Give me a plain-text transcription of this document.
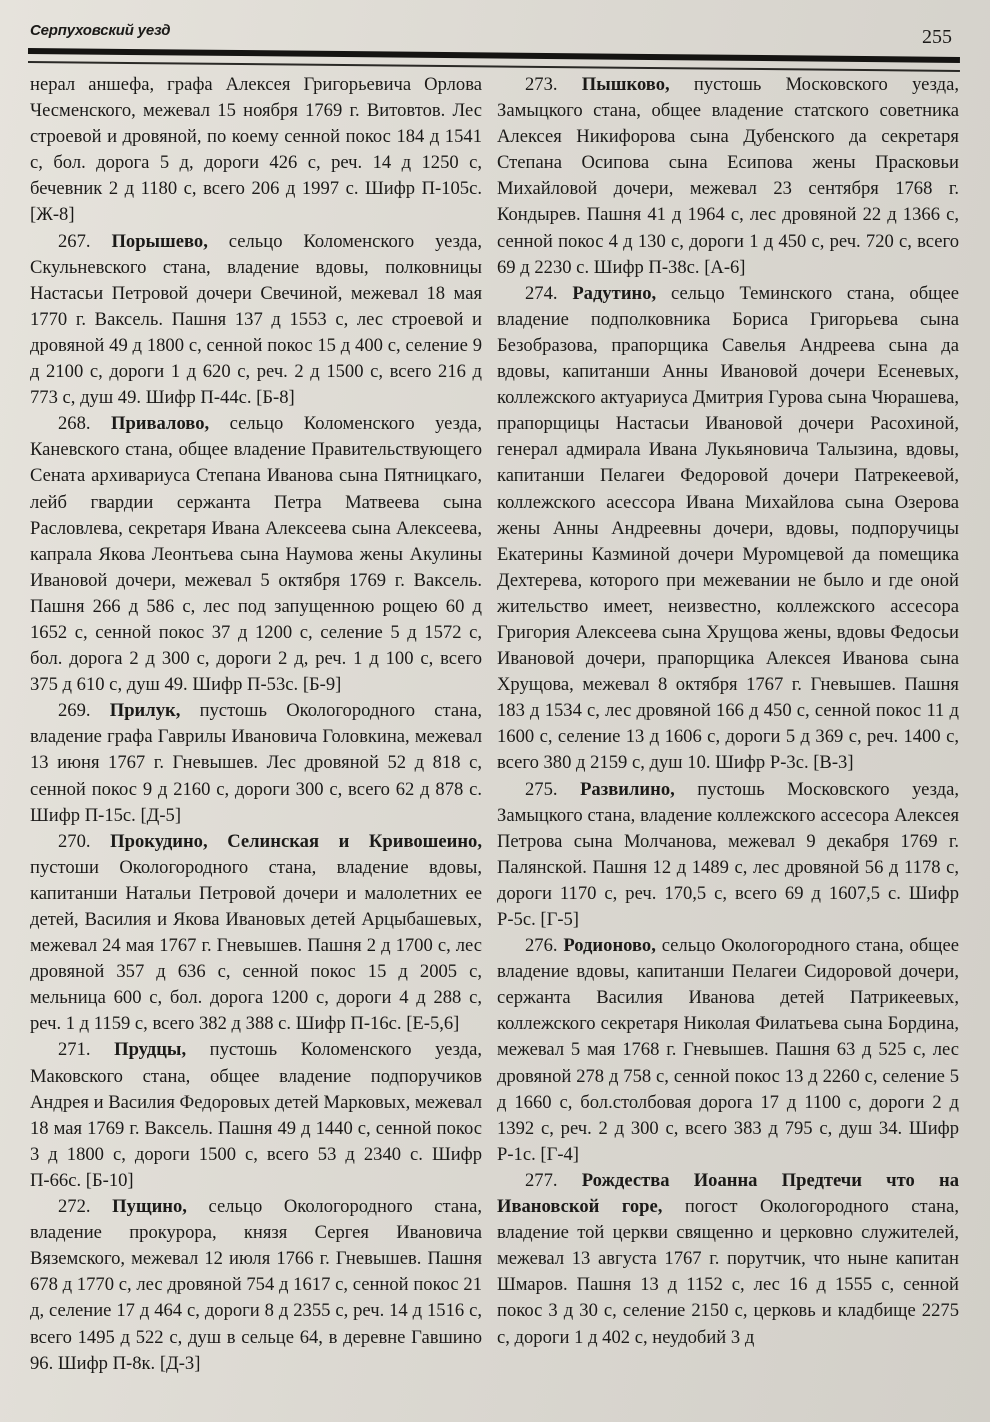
Серпуховский уезд	255

нерал аншефа, графа Алексея Григорьевича Орлова Чесменского, межевал 15 ноября 1769 г. Витовтов. Лес строевой и дровяной, по коему сенной покос 184 д 1541 с, бол. дорога 5 д, дороги 426 с, реч. 14 д 1250 с, бечевник 2 д 1180 с, всего 206 д 1997 с. Шифр П-105с. [Ж-8]

267. Порышево, сельцо Коломенского уезда, Скульневского стана, владение вдовы, полковницы Настасьи Петровой дочери Свечиной, межевал 18 мая 1770 г. Ваксель. Пашня 137 д 1553 с, лес строевой и дровяной 49 д 1800 с, сенной покос 15 д 400 с, селение 9 д 2100 с, дороги 1 д 620 с, реч. 2 д 1500 с, всего 216 д 773 с, душ 49. Шифр П-44с. [Б-8]

268. Привалово, сельцо Коломенского уезда, Каневского стана, общее владение Правительствующего Сената архивариуса Степана Иванова сына Пятницкаго, лейб гвардии сержанта Петра Матвеева сына Расловлева, секретаря Ивана Алексеева сына Алексеева, капрала Якова Леонтьева сына Наумова жены Акулины Ивановой дочери, межевал 5 октября 1769 г. Ваксель. Пашня 266 д 586 с, лес под запущенною рощею 60 д 1652 с, сенной покос 37 д 1200 с, селение 5 д 1572 с, бол. дорога 2 д 300 с, дороги 2 д, реч. 1 д 100 с, всего 375 д 610 с, душ 49. Шифр П-53с. [Б-9]

269. Прилук, пустошь Окологородного стана, владение графа Гаврилы Ивановича Головкина, межевал 13 июня 1767 г. Гневышев. Лес дровяной 52 д 818 с, сенной покос 9 д 2160 с, дороги 300 с, всего 62 д 878 с. Шифр П-15с. [Д-5]

270. Прокудино, Селинская и Кривошеино, пустоши Окологородного стана, владение вдовы, капитанши Натальи Петровой дочери и малолетних ее детей, Василия и Якова Ивановых детей Арцыбашевых, межевал 24 мая 1767 г. Гневышев. Пашня 2 д 1700 с, лес дровяной 357 д 636 с, сенной покос 15 д 2005 с, мельница 600 с, бол. дорога 1200 с, дороги 4 д 288 с, реч. 1 д 1159 с, всего 382 д 388 с. Шифр П-16с. [Е-5,6]

271. Прудцы, пустошь Коломенского уезда, Маковского стана, общее владение подпоручиков Андрея и Василия Федоровых детей Марковых, межевал 18 мая 1769 г. Ваксель. Пашня 49 д 1440 с, сенной покос 3 д 1800 с, дороги 1500 с, всего 53 д 2340 с. Шифр П-66с. [Б-10]

272. Пущино, сельцо Окологородного стана, владение прокурора, князя Сергея Ивановича Вяземского, межевал 12 июля 1766 г. Гневышев. Пашня 678 д 1770 с, лес дровяной 754 д 1617 с, сенной покос 21 д, селение 17 д 464 с, дороги 8 д 2355 с, реч. 14 д 1516 с, всего 1495 д 522 с, душ в сельце 64, в деревне Гавшино 96. Шифр П-8к. [Д-3]

273. Пышково, пустошь Московского уезда, Замыцкого стана, общее владение статского советника Алексея Никифорова сына Дубенского да секретаря Степана Осипова сына Есипова жены Прасковьи Михайловой дочери, межевал 23 сентября 1768 г. Кондырев. Пашня 41 д 1964 с, лес дровяной 22 д 1366 с, сенной покос 4 д 130 с, дороги 1 д 450 с, реч. 720 с, всего 69 д 2230 с. Шифр П-38с. [А-6]

274. Радутино, сельцо Теминского стана, общее владение подполковника Бориса Григорьева сына Безобразова, прапорщика Савелья Андреева сына да вдовы, капитанши Анны Ивановой дочери Есеневых, коллежского актуариуса Дмитрия Гурова сына Чюрашева, прапорщицы Настасьи Ивановой дочери Расохиной, генерал адмирала Ивана Лукьяновича Талызина, вдовы, капитанши Пелагеи Федоровой дочери Патрекеевой, коллежского асессора Ивана Михайлова сына Озерова жены Анны Андреевны дочери, вдовы, подпоручицы Екатерины Казминой дочери Муромцевой да помещика Дехтерева, которого при межевании не было и где оной жительство имеет, неизвестно, коллежского ассесора Григория Алексеева сына Хрущова жены, вдовы Федосьи Ивановой дочери, прапорщика Алексея Иванова сына Хрущова, межевал 8 октября 1767 г. Гневышев. Пашня 183 д 1534 с, лес дровяной 166 д 450 с, сенной покос 11 д 1600 с, селение 13 д 1606 с, дороги 5 д 369 с, реч. 1400 с, всего 380 д 2159 с, душ 10. Шифр Р-3с. [В-3]

275. Развилино, пустошь Московского уезда, Замыцкого стана, владение коллежского ассесора Алексея Петрова сына Молчанова, межевал 9 декабря 1769 г. Палянской. Пашня 12 д 1489 с, лес дровяной 56 д 1178 с, дороги 1170 с, реч. 170,5 с, всего 69 д 1607,5 с. Шифр Р-5с. [Г-5]

276. Родионово, сельцо Окологородного стана, общее владение вдовы, капитанши Пелагеи Сидоровой дочери, сержанта Василия Иванова детей Патрикеевых, коллежского секретаря Николая Филатьева сына Бордина, межевал 5 мая 1768 г. Гневышев. Пашня 63 д 525 с, лес дровяной 278 д 758 с, сенной покос 13 д 2260 с, селение 5 д 1660 с, бол.столбовая дорога 17 д 1100 с, дороги 2 д 1392 с, реч. 2 д 300 с, всего 383 д 795 с, душ 34. Шифр Р-1с. [Г-4]

277. Рождества Иоанна Предтечи что на Ивановской горе, погост Окологородного стана, владение той церкви священно и церковно служителей, межевал 13 августа 1767 г. порутчик, что ныне капитан Шмаров. Пашня 13 д 1152 с, лес 16 д 1555 с, сенной покос 3 д 30 с, селение 2150 с, церковь и кладбище 2275 с, дороги 1 д 402 с, неудобий 3 д
